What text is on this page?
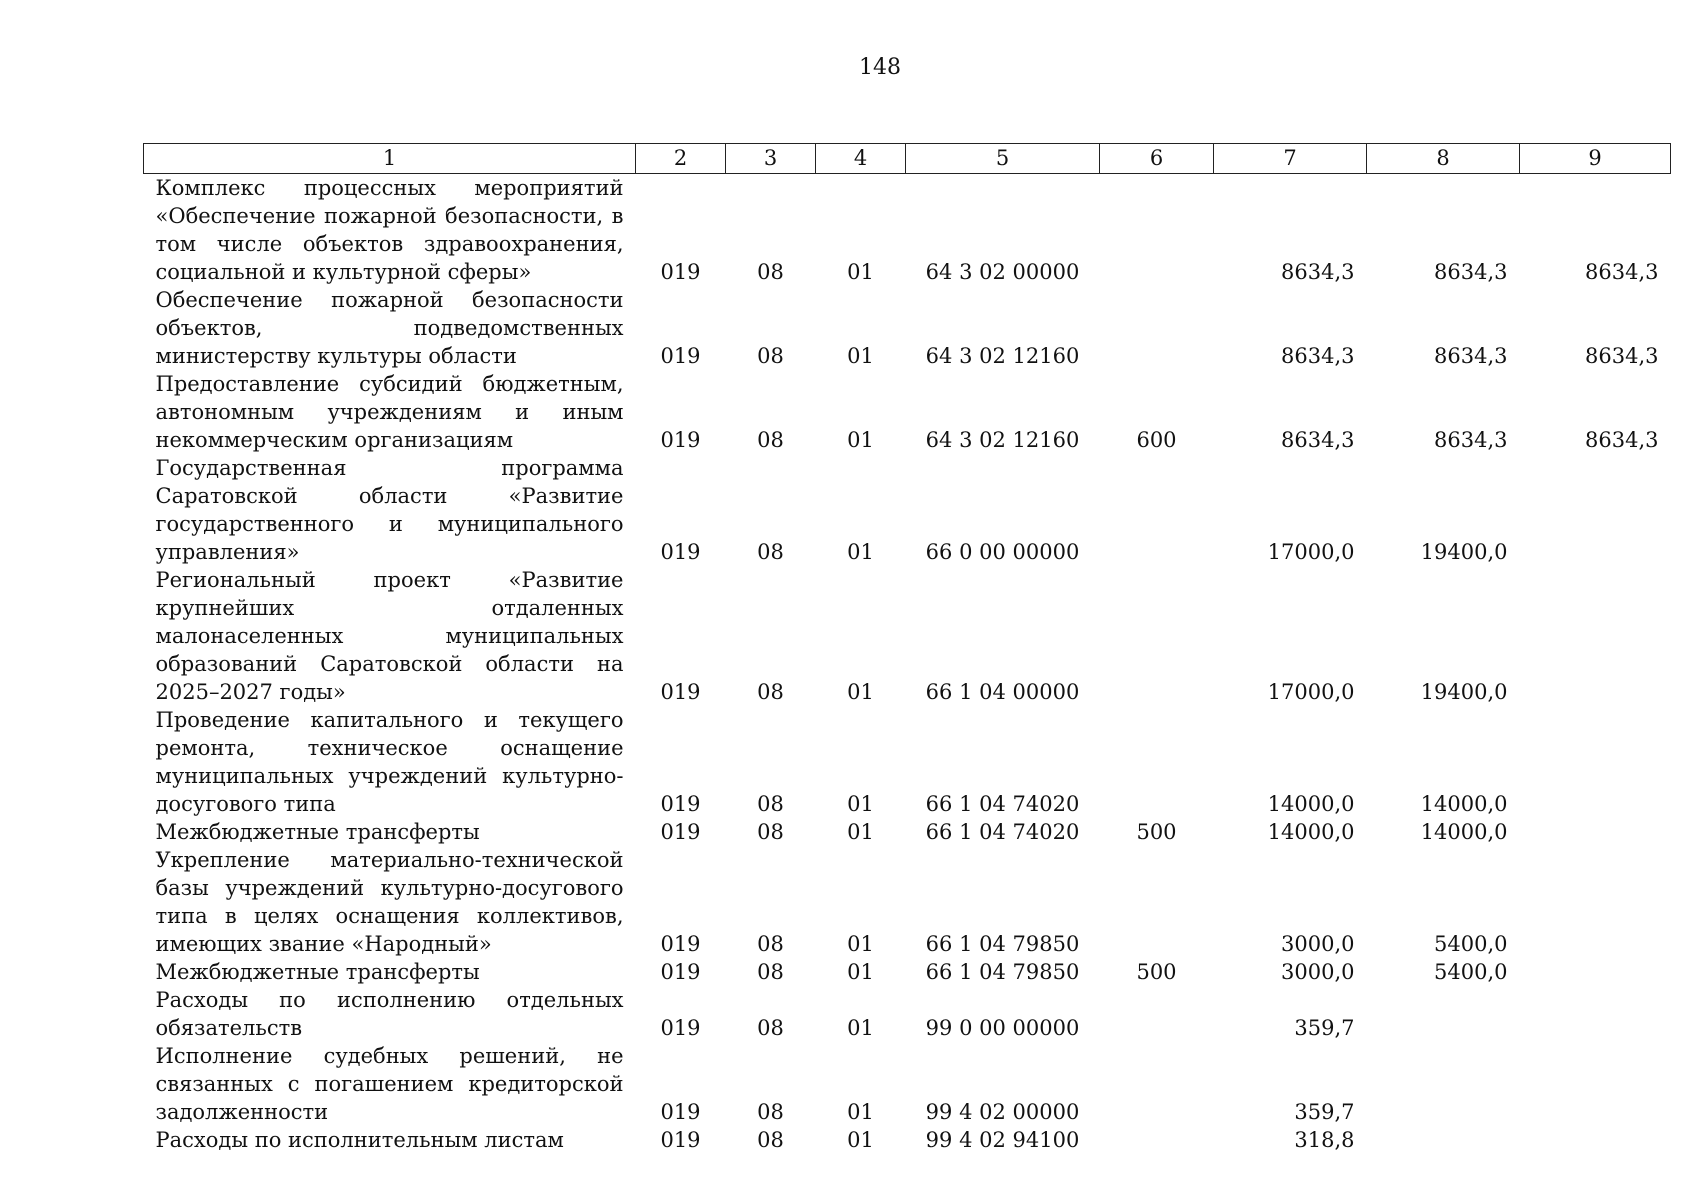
148
1	2	3	4	5	6	7	8	9
Комплекс процессных мероприятий «Обеспечение пожарной безопасности, в том числе объектов здравоохранения, социальной и культурной сферы»	019	08	01	64 3 02 00000		8634,3	8634,3	8634,3
Обеспечение пожарной безопасности объектов, подведомственных министерству культуры области	019	08	01	64 3 02 12160		8634,3	8634,3	8634,3
Предоставление субсидий бюджетным, автономным учреждениям и иным некоммерческим организациям	019	08	01	64 3 02 12160	600	8634,3	8634,3	8634,3
Государственная программа Саратовской области «Развитие государственного и муниципального управления»	019	08	01	66 0 00 00000		17000,0	19400,0	
Региональный проект «Развитие крупнейших отдаленных малонаселенных муниципальных образований Саратовской области на 2025–2027 годы»	019	08	01	66 1 04 00000		17000,0	19400,0	
Проведение капитального и текущего ремонта, техническое оснащение муниципальных учреждений культурно-досугового типа	019	08	01	66 1 04 74020		14000,0	14000,0	
Межбюджетные трансферты	019	08	01	66 1 04 74020	500	14000,0	14000,0	
Укрепление материально-технической базы учреждений культурно-досугового типа в целях оснащения коллективов, имеющих звание «Народный»	019	08	01	66 1 04 79850		3000,0	5400,0	
Межбюджетные трансферты	019	08	01	66 1 04 79850	500	3000,0	5400,0	
Расходы по исполнению отдельных обязательств	019	08	01	99 0 00 00000		359,7		
Исполнение судебных решений, не связанных с погашением кредиторской задолженности	019	08	01	99 4 02 00000		359,7		
Расходы по исполнительным листам	019	08	01	99 4 02 94100		318,8		
